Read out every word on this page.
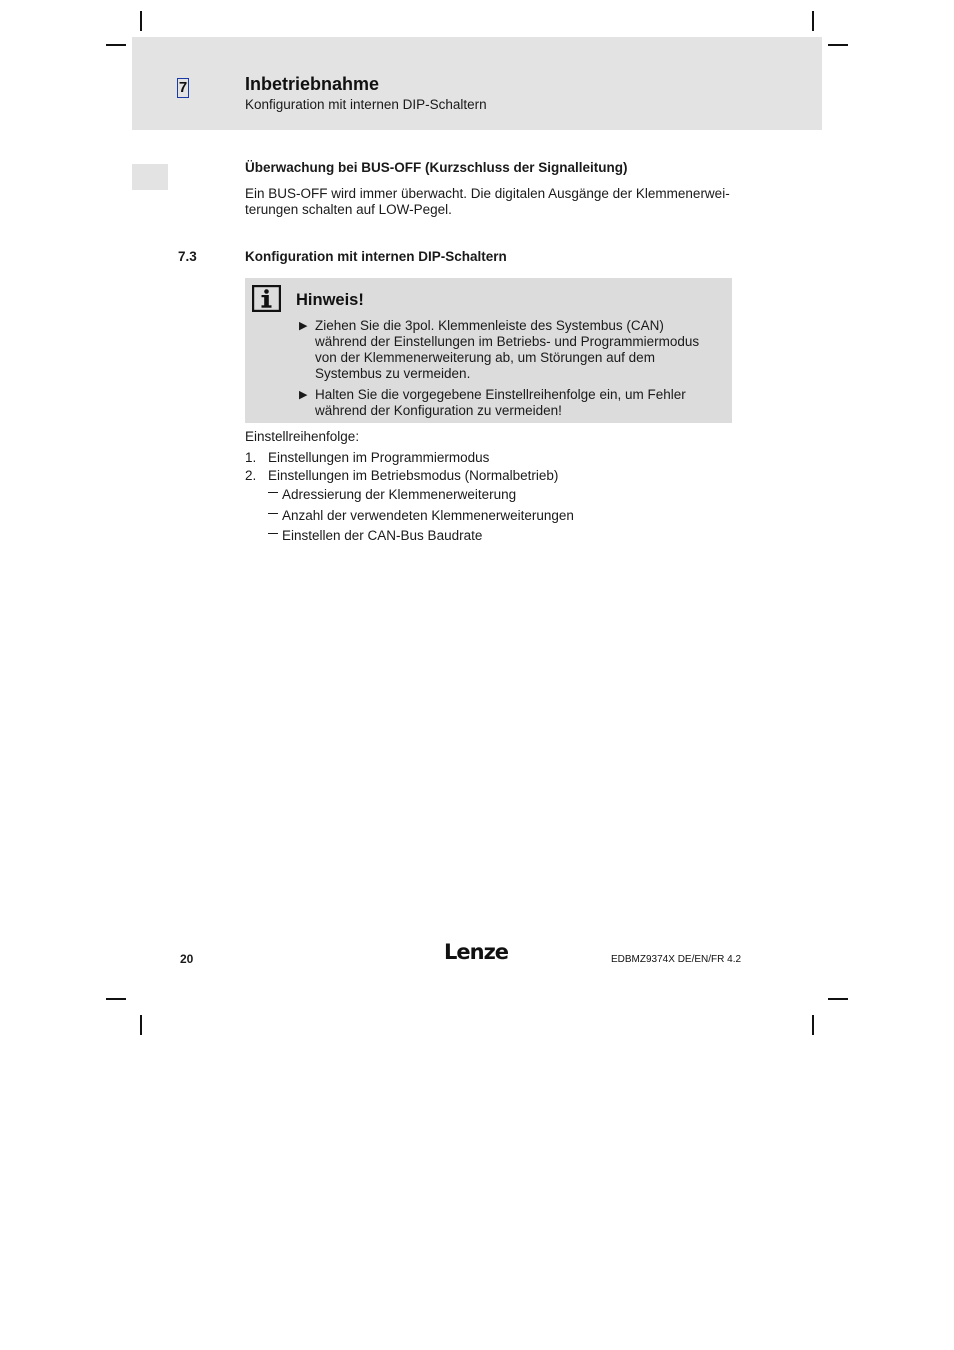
7	Inbetriebnahme
Konfiguration mit internen DIP-Schaltern
Überwachung bei BUS-OFF (Kurzschluss der Signalleitung)
Ein BUS-OFF wird immer überwacht. Die digitalen Ausgänge der Klemmenerwei-terungen schalten auf LOW-Pegel.
7.3	Konfiguration mit internen DIP-Schaltern
Hinweis!
▶ Ziehen Sie die 3pol. Klemmenleiste des Systembus (CAN) während der Einstellungen im Betriebs- und Programmiermodus von der Klemmenerweiterung ab, um Störungen auf dem Systembus zu vermeiden.
▶ Halten Sie die vorgegebene Einstellreihenfolge ein, um Fehler während der Konfiguration zu vermeiden!
Einstellreihenfolge:
1. Einstellungen im Programmiermodus
2. Einstellungen im Betriebsmodus (Normalbetrieb)
Adressierung der Klemmenerweiterung
Anzahl der verwendeten Klemmenerweiterungen
Einstellen der CAN-Bus Baudrate
20	Lenze	EDBMZ9374X DE/EN/FR 4.2
